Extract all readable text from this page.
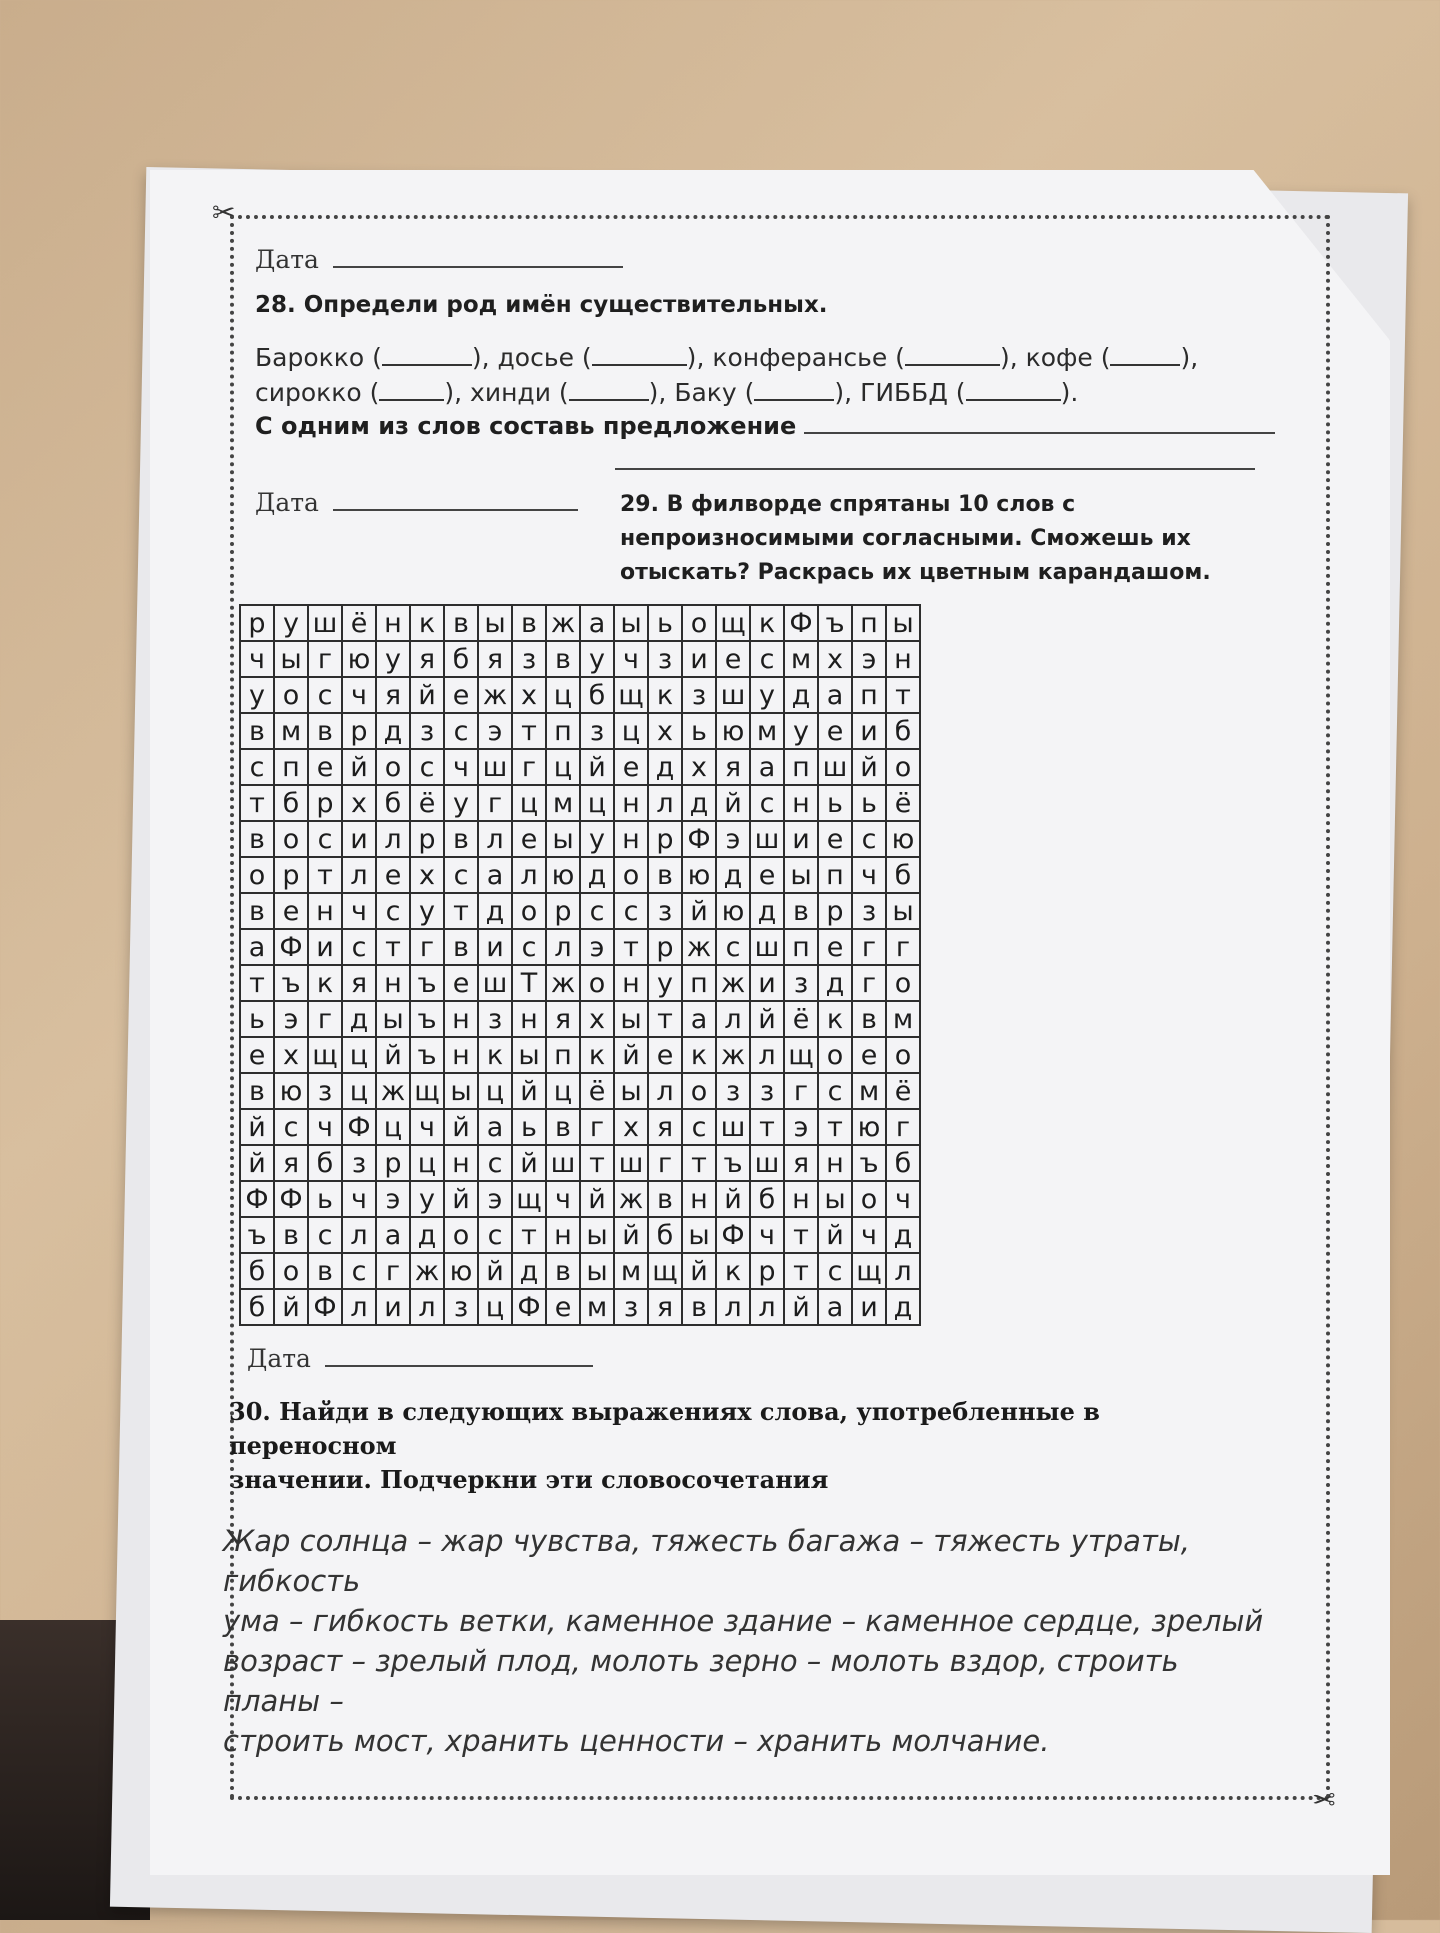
✂
✂
Дата
28. Определи род имён существительных.
Барокко (	), досье (	), конферансье (	), кофе (	), сирокко (	), хинди (	), Баку (	), ГИББД (	).
С одним из слов составь предложение
Дата	29. В филворде спрятаны 10 слов с
непроизносимыми согласными. Сможешь их
отыскать? Раскрась их цветным карандашом.
р	у	ш	ё	н	к	в	ы	в	ж	а	ы	ь	о	щ	к	Ф	ъ	п	ы
ч	ы	г	ю	у	я	б	я	з	в	у	ч	з	и	е	с	м	х	э	н
у	о	с	ч	я	й	е	ж	х	ц	б	щ	к	з	ш	у	д	а	п	т
в	м	в	р	д	з	с	э	т	п	з	ц	х	ь	ю	м	у	е	и	б
с	п	е	й	о	с	ч	ш	г	ц	й	е	д	х	я	а	п	ш	й	о
т	б	р	х	б	ё	у	г	ц	м	ц	н	л	д	й	с	н	ь	ь	ё
в	о	с	и	л	р	в	л	е	ы	у	н	р	Ф	э	ш	и	е	с	ю
о	р	т	л	е	х	с	а	л	ю	д	о	в	ю	д	е	ы	п	ч	б
в	е	н	ч	с	у	т	д	о	р	с	с	з	й	ю	д	в	р	з	ы
а	Ф	и	с	т	г	в	и	с	л	э	т	р	ж	с	ш	п	е	г	г
т	ъ	к	я	н	ъ	е	ш	Т	ж	о	н	у	п	ж	и	з	д	г	о
ь	э	г	д	ы	ъ	н	з	н	я	х	ы	т	а	л	й	ё	к	в	м
е	х	щ	ц	й	ъ	н	к	ы	п	к	й	е	к	ж	л	щ	о	е	о
в	ю	з	ц	ж	щ	ы	ц	й	ц	ё	ы	л	о	з	з	г	с	м	ё
й	с	ч	Ф	ц	ч	й	а	ь	в	г	х	я	с	ш	т	э	т	ю	г
й	я	б	з	р	ц	н	с	й	ш	т	ш	г	т	ъ	ш	я	н	ъ	б
Ф	Ф	ь	ч	э	у	й	э	щ	ч	й	ж	в	н	й	б	н	ы	о	ч
ъ	в	с	л	а	д	о	с	т	н	ы	й	б	ы	Ф	ч	т	й	ч	д
б	о	в	с	г	ж	ю	й	д	в	ы	м	щ	й	к	р	т	с	щ	л
б	й	Ф	л	и	л	з	ц	Ф	е	м	з	я	в	л	л	й	а	и	д
Дата
30. Найди в следующих выражениях слова, употребленные в переносном
значении. Подчеркни эти словосочетания
Жар солнца – жар чувства, тяжесть багажа – тяжесть утраты, гибкость
ума – гибкость ветки, каменное здание – каменное сердце, зрелый
возраст – зрелый плод, молоть зерно – молоть вздор, строить планы –
строить мост, хранить ценности – хранить молчание.
